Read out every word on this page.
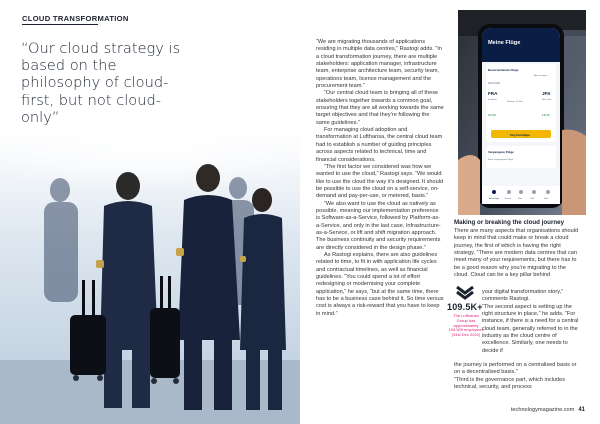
CLOUD TRANSFORMATION
“Our cloud strategy is based on the philosophy of cloud-first, but not cloud-only”

“We are migrating thousands of applications residing in multiple data centres,” Rastogi adds. “In a cloud transformation journey, there are multiple stakeholders: application manager, infrastructure team, enterprise architecture team, security team, operations team, licence management and the procurement team.”

“Our central cloud team is bringing all of these stakeholders together towards a common goal, ensuring that they are all working towards the same target objectives and that they’re following the same guidelines.”

For managing cloud adoption and transformation at Lufthansa, the central cloud team had to establish a number of guiding principles across aspects related to technical, time and financial considerations.

“The first factor we considered was how we wanted to use the cloud,” Rastogi says. “We would like to use the cloud the way it’s designed. It should be possible to use the cloud on a self-service, on-demand and pay-per-use, or metered, basis.”

“We also want to use the cloud as natively as possible, meaning our implementation preference is Software-as-a-Service, followed by Platform-as-a-Service, and only in the last case, Infrastructure-as-a-Service, or lift and shift migration approach. The business continuity and security requirements are directly considered in the design phase.”

As Rastogi explains, there are also guidelines related to time, to fit in with application life cycles and contractual timelines, as well as financial guidelines. “You could spend a lot of effort redesigning or modernising your complete application,” he says, “but at the same time, there has to be a business case behind it. So time versus cost is always a risk-reward that you have to keep in mind.”

Meine Flüge
Bevorstehende Flüge
Alle anzeigen
02.01.2024
FRA	JFK
Frankfurt	New York
Nonstop · 8h 50m
10:30	13:20
Flug hinzufügen
Vergangene Flüge
Keine vergangenen Flüge
Meine Flüge	Buchen	Miles	Profil	Mehr
Making or breaking the cloud journey

There are many aspects that organisations should keep in mind that could make or break a cloud journey, the first of which is having the right strategy. “There are modern data centres that can meet many of your requirements, but there has to be a good reason why you’re migrating to the cloud. Cloud can be a key pillar behind

your digital transformation story,” comments Rastogi.

“The second aspect is setting up the right structure in place,” he adds. “For instance, if there is a need for a central cloud team, generally referred to in the industry as the cloud centre of excellence. Similarly, one needs to decide if

the journey is performed on a centralised basis or on a decentralised basis.”

“Third is the governance part, which includes technical, security, and process

109.5K+
The Lufthansa Group has approximately 109,509 employees (31st Dec 2022)
technologymagazine.com 41
